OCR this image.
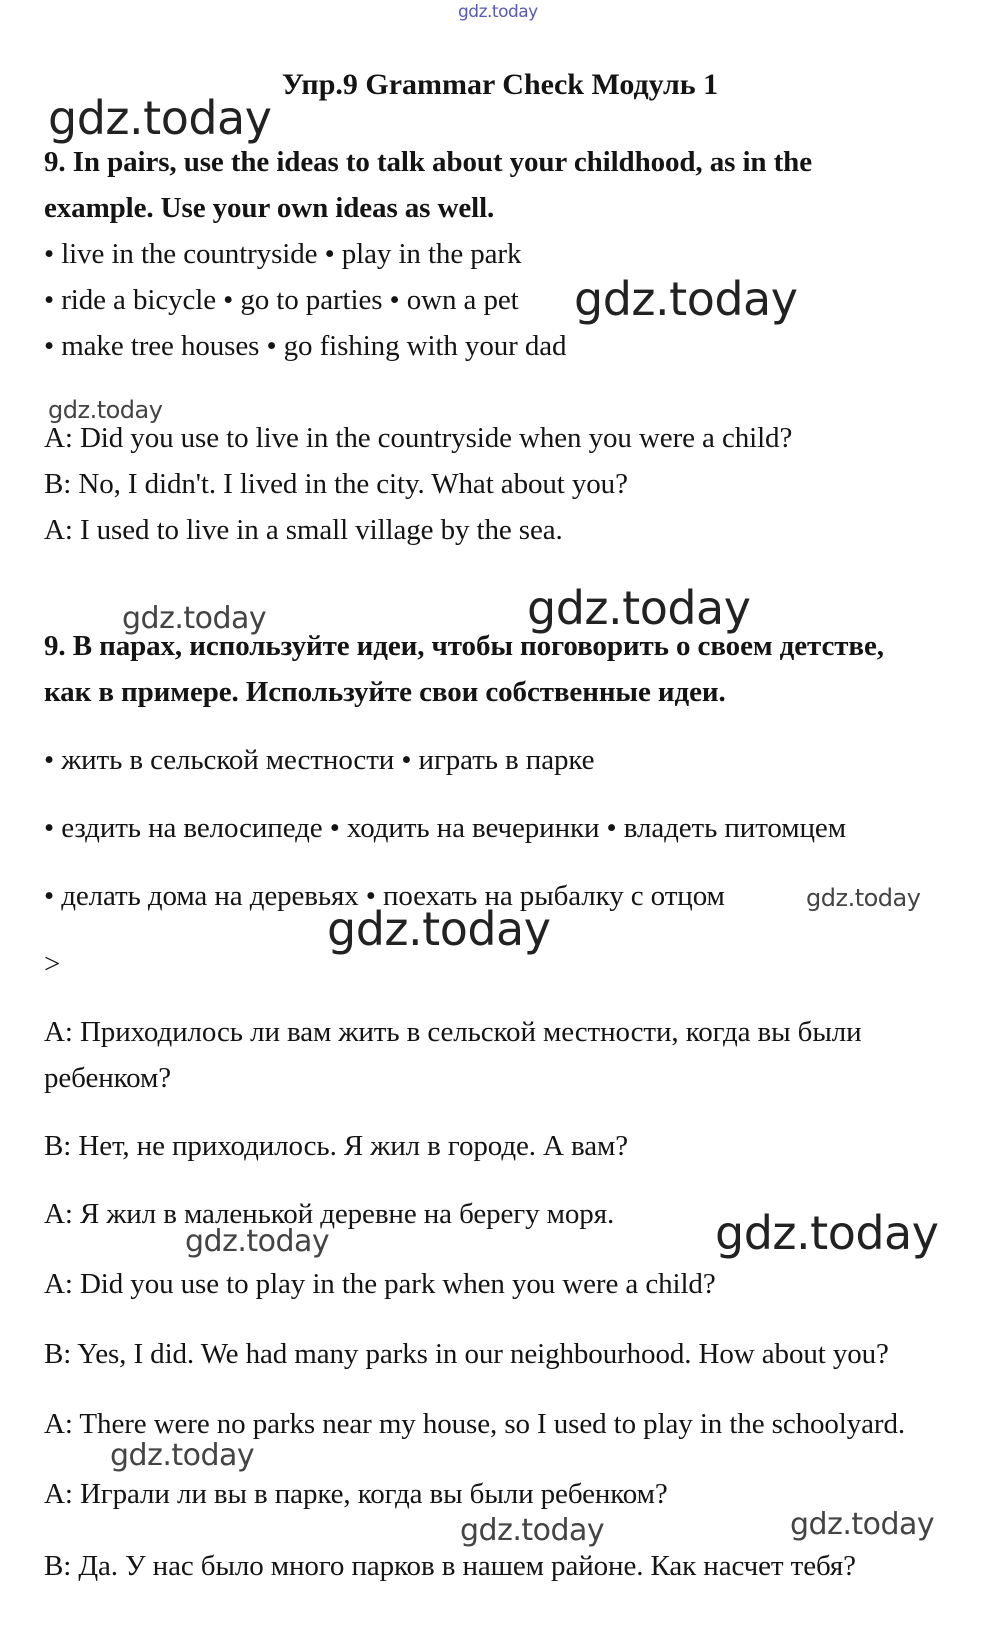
gdz.today
gdz.today
gdz.today
gdz.today
gdz.today	gdz.today
gdz.today
gdz.today
gdz.today	gdz.today
gdz.today
gdz.today	gdz.today
Упр.9 Grammar Check Модуль 1
9. In pairs, use the ideas to talk about your childhood, as in the
example. Use your own ideas as well.
• live in the countryside • play in the park
• ride a bicycle • go to parties • own a pet
• make tree houses • go fishing with your dad
A: Did you use to live in the countryside when you were a child?
B: No, I didn't. I lived in the city. What about you?
A: I used to live in a small village by the sea.
9. В парах, используйте идеи, чтобы поговорить о своем детстве,
как в примере. Используйте свои собственные идеи.
• жить в сельской местности • играть в парке
• ездить на велосипеде • ходить на вечеринки • владеть питомцем
• делать дома на деревьях • поехать на рыбалку с отцом
>
A: Приходилось ли вам жить в сельской местности, когда вы были
ребенком?
B: Нет, не приходилось. Я жил в городе. А вам?
A: Я жил в маленькой деревне на берегу моря.
A: Did you use to play in the park when you were a child?
B: Yes, I did. We had many parks in our neighbourhood. How about you?
A: There were no parks near my house, so I used to play in the schoolyard.
A: Играли ли вы в парке, когда вы были ребенком?
B: Да. У нас было много парков в нашем районе. Как насчет тебя?
